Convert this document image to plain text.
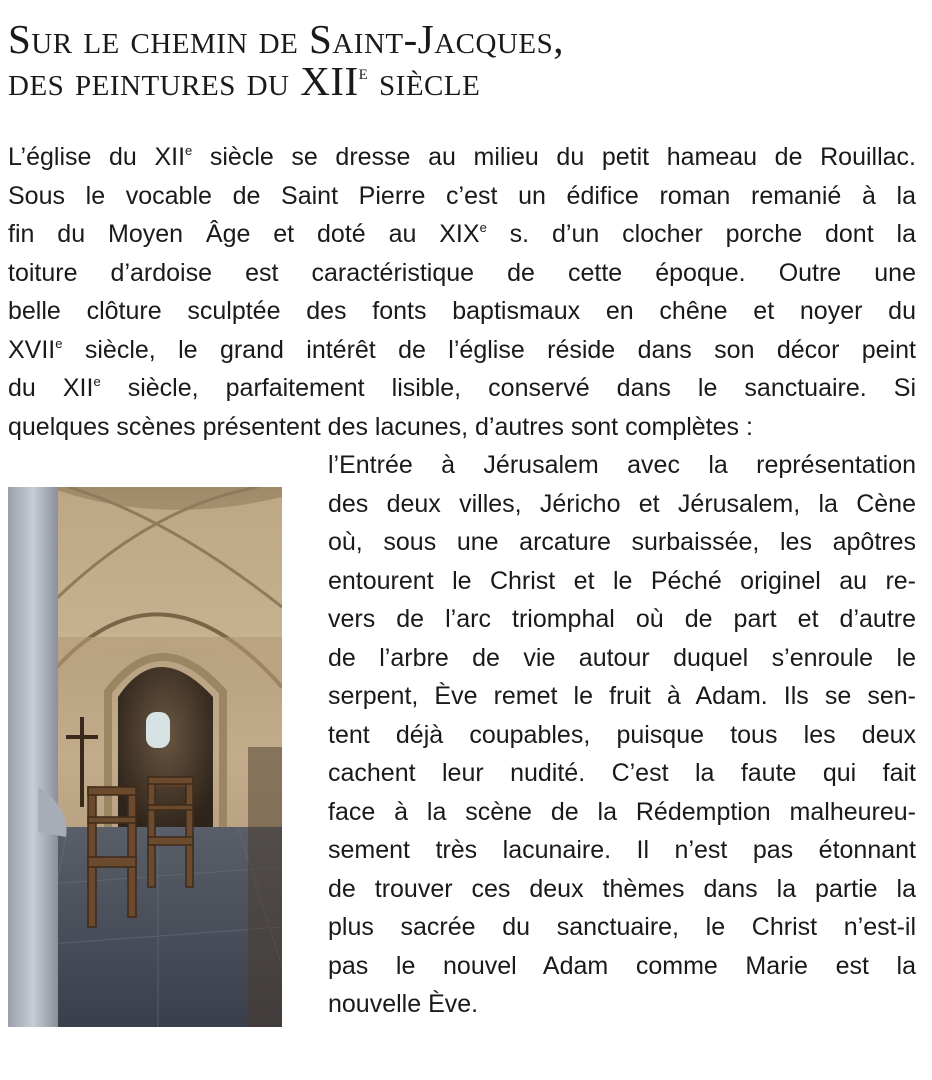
Sur le chemin de Saint-Jacques,
des peintures du XIIe siècle
L’église du XIIe siècle se dresse au milieu du petit hameau de Rouillac.
Sous le vocable de Saint Pierre c’est un édifice roman remanié à la
fin du Moyen Âge et doté au XIXe s. d’un clocher porche dont la
toiture d’ardoise est caractéristique de cette époque. Outre une
belle clôture sculptée des fonts baptismaux en chêne et noyer du
XVIIe siècle, le grand intérêt de l’église réside dans son décor peint
du XIIe siècle, parfaitement lisible, conservé dans le sanctuaire. Si
quelques scènes présentent des lacunes, d’autres sont complètes :
l’Entrée à Jérusalem avec la représentation
des deux villes, Jéricho et Jérusalem, la Cène
où, sous une arcature surbaissée, les apôtres
entourent le Christ et le Péché originel au re-
vers de l’arc triomphal où de part et d’autre
de l’arbre de vie autour duquel s’enroule le
serpent, Ève remet le fruit à Adam. Ils se sen-
tent déjà coupables, puisque tous les deux
cachent leur nudité. C’est la faute qui fait
face à la scène de la Rédemption malheureu-
sement très lacunaire. Il n’est pas étonnant
de trouver ces deux thèmes dans la partie la
plus sacrée du sanctuaire, le Christ n’est-il
pas le nouvel Adam comme Marie est la
nouvelle Ève.
